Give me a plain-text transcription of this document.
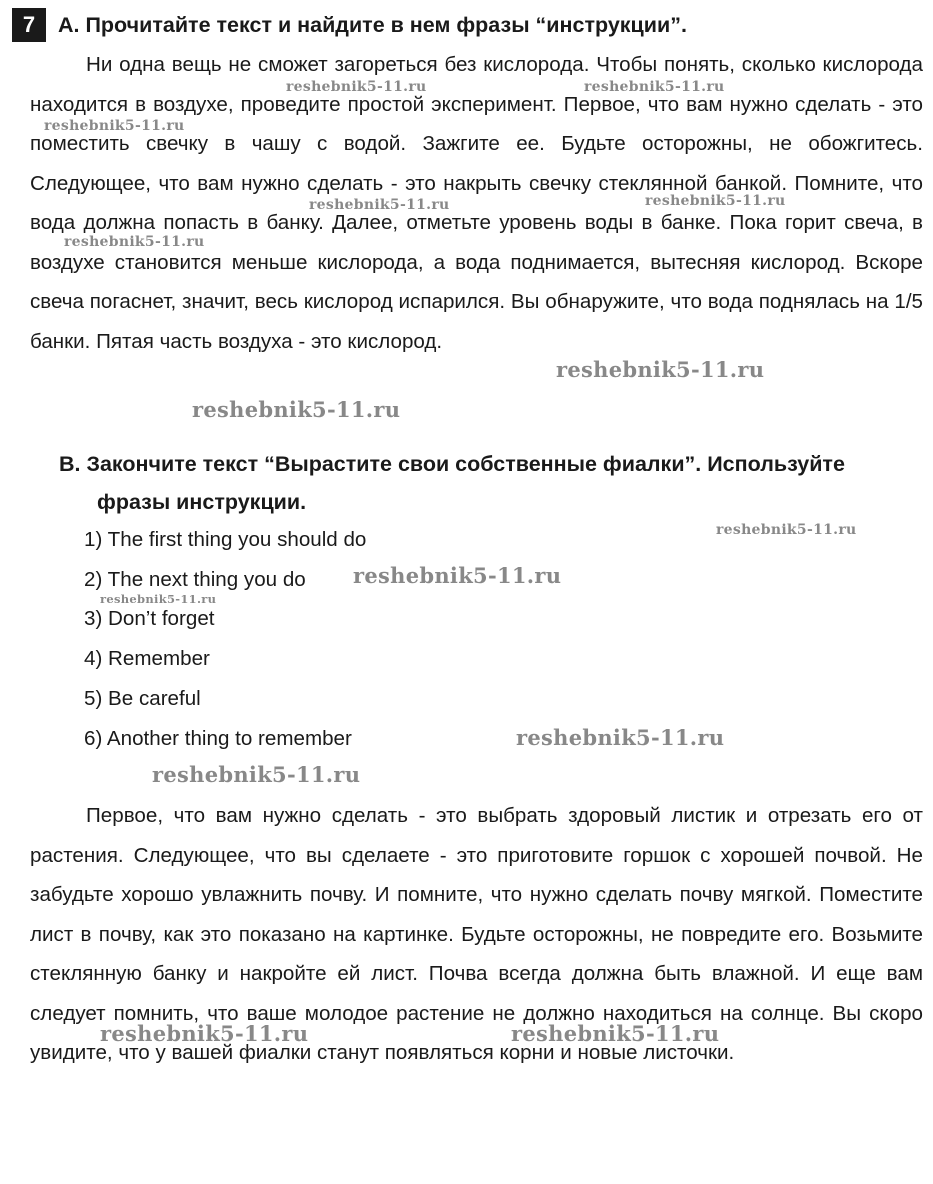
7	A. Прочитайте текст и найдите в нем фразы “инструкции”.

Ни одна вещь не сможет загореться без кислорода. Чтобы понять, сколько кислорода находится в воздухе, проведите простой эксперимент. Первое, что вам нужно сделать - это поместить свечку в чашу с водой. Зажгите ее. Будьте осторожны, не обожгитесь. Следующее, что вам нужно сделать - это накрыть свечку стеклянной банкой. Помните, что вода должна попасть в банку. Далее, отметьте уровень воды в банке. Пока горит свеча, в воздухе становится меньше кислорода, а вода поднимается, вытесняя кислород. Вскоре свеча погаснет, значит, весь кислород испарился. Вы обнаружите, что вода поднялась на 1/5 банки. Пятая часть воздуха - это кислород.

B. Закончите текст “Вырастите свои собственные фиалки”. Используйте
фразы инструкции.
1) The first thing you should do
2) The next thing you do
3) Don’t forget
4) Remember
5) Be careful
6) Another thing to remember

Первое, что вам нужно сделать - это выбрать здоровый листик и отрезать его от растения. Следующее, что вы сделаете - это приготовите горшок с хорошей почвой. Не забудьте хорошо увлажнить почву. И помните, что нужно сделать почву мягкой. Поместите лист в почву, как это показано на картинке. Будьте осторожны, не повредите его. Возьмите стеклянную банку и накройте ей лист. Почва всегда должна быть влажной. И еще вам следует помнить, что ваше молодое растение не должно находиться на солнце. Вы скоро увидите, что у вашей фиалки станут появляться корни и новые листочки.

reshebnik5-11.ru	reshebnik5-11.ru
reshebnik5-11.ru
reshebnik5-11.ru	reshebnik5-11.ru
reshebnik5-11.ru
reshebnik5-11.ru
reshebnik5-11.ru
reshebnik5-11.ru
reshebnik5-11.ru
reshebnik5-11.ru
reshebnik5-11.ru
reshebnik5-11.ru
reshebnik5-11.ru	reshebnik5-11.ru
